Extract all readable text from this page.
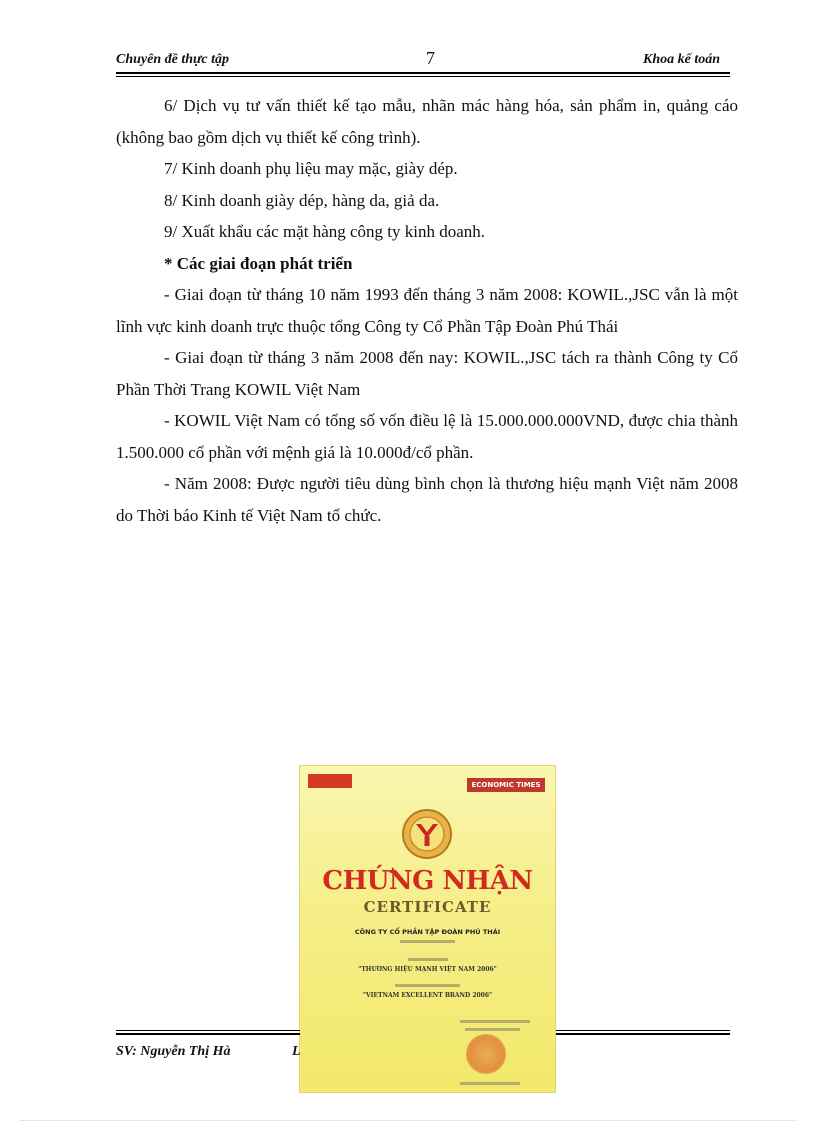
Chuyên đề thực tập	7	Khoa kế toán

6/ Dịch vụ tư vấn thiết kế tạo mẫu, nhãn mác hàng hóa, sản phẩm in, quảng cáo (không bao gồm dịch vụ thiết kế công trình).

7/ Kinh doanh phụ liệu may mặc, giày dép.

8/ Kinh doanh giày dép, hàng da, giả da.

9/ Xuất khẩu các mặt hàng công ty kinh doanh.

* Các giai đoạn phát triển

- Giai đoạn từ tháng 10 năm 1993 đến tháng 3 năm 2008: KOWIL.,JSC vẫn là một lĩnh vực kinh doanh trực thuộc tổng Công ty Cổ Phần Tập Đoàn Phú Thái

- Giai đoạn từ tháng 3 năm 2008 đến nay: KOWIL.,JSC tách ra thành Công ty Cổ Phần Thời Trang KOWIL Việt Nam

- KOWIL Việt Nam có tổng số vốn điều lệ là 15.000.000.000VND, được chia thành 1.500.000 cổ phần với mệnh giá là 10.000đ/cổ phần.

- Năm 2008: Được người tiêu dùng bình chọn là thương hiệu mạnh Việt năm 2008 do Thời báo Kinh tế Việt Nam tổ chức.

ECONOMIC TIMES
CHỨNG NHẬN
CERTIFICATE
CÔNG TY CỔ PHẦN TẬP ĐOÀN PHÚ THÁI
"THƯƠNG HIỆU MẠNH VIỆT NAM 2006"
"VIETNAM EXCELLENT BRAND 2006"
SV: Nguyễn Thị Hà	L
